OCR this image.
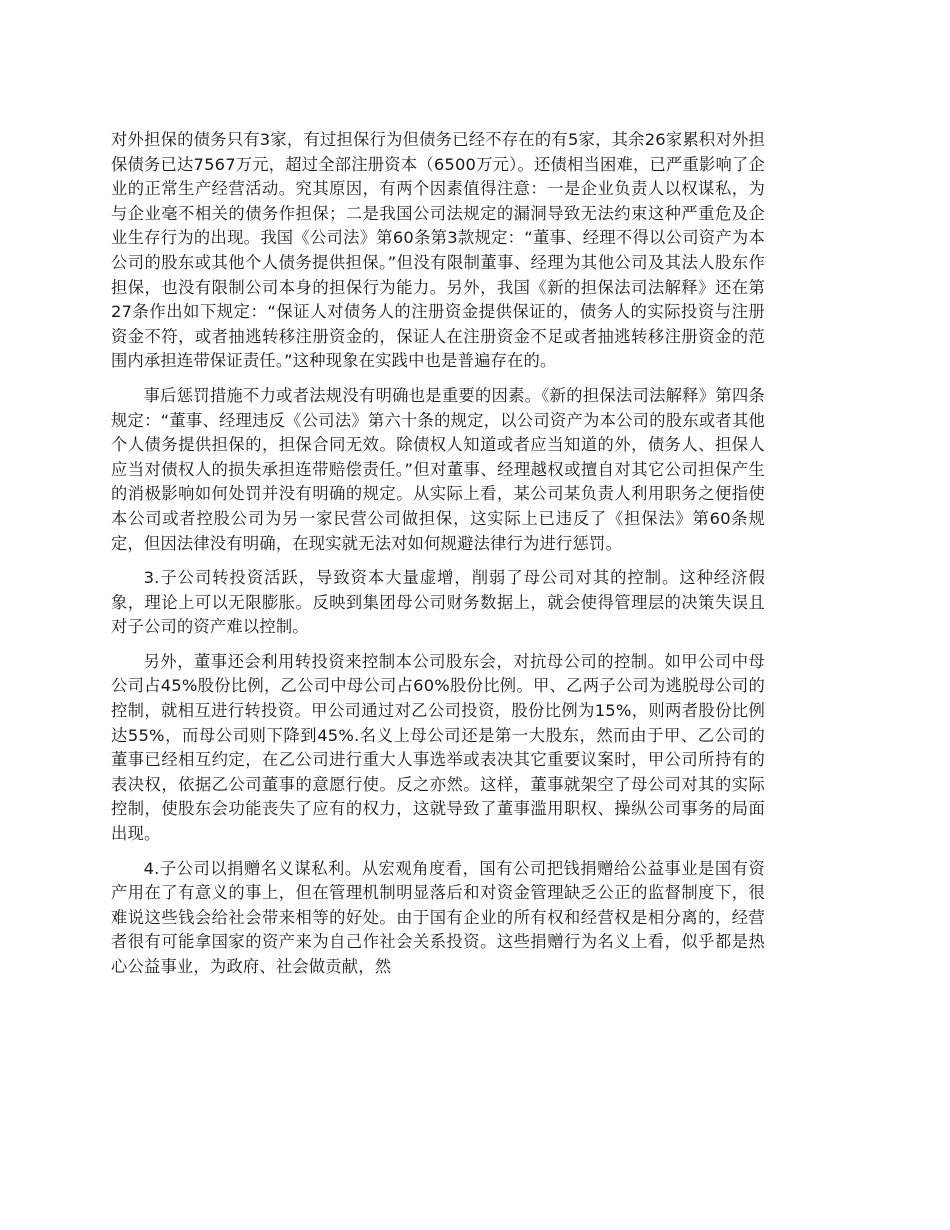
对外担保的债务只有3家，有过担保行为但债务已经不存在的有5家，其余26家累积对外担保债务已达7567万元，超过全部注册资本（6500万元）。还债相当困难，已严重影响了企业的正常生产经营活动。究其原因，有两个因素值得注意：一是企业负责人以权谋私，为与企业毫不相关的债务作担保；二是我国公司法规定的漏洞导致无法约束这种严重危及企业生存行为的出现。我国《公司法》第60条第3款规定：“董事、经理不得以公司资产为本公司的股东或其他个人债务提供担保。”但没有限制董事、经理为其他公司及其法人股东作担保，也没有限制公司本身的担保行为能力。另外，我国《新的担保法司法解释》还在第27条作出如下规定：“保证人对债务人的注册资金提供保证的，债务人的实际投资与注册资金不符，或者抽逃转移注册资金的，保证人在注册资金不足或者抽逃转移注册资金的范围内承担连带保证责任。”这种现象在实践中也是普遍存在的。

事后惩罚措施不力或者法规没有明确也是重要的因素。《新的担保法司法解释》第四条规定：“董事、经理违反《公司法》第六十条的规定，以公司资产为本公司的股东或者其他个人债务提供担保的，担保合同无效。除债权人知道或者应当知道的外，债务人、担保人应当对债权人的损失承担连带赔偿责任。”但对董事、经理越权或擅自对其它公司担保产生的消极影响如何处罚并没有明确的规定。从实际上看，某公司某负责人利用职务之便指使本公司或者控股公司为另一家民营公司做担保，这实际上已违反了《担保法》第60条规定，但因法律没有明确，在现实就无法对如何规避法律行为进行惩罚。

3.子公司转投资活跃，导致资本大量虚增，削弱了母公司对其的控制。这种经济假象，理论上可以无限膨胀。反映到集团母公司财务数据上，就会使得管理层的决策失误且对子公司的资产难以控制。

另外，董事还会利用转投资来控制本公司股东会，对抗母公司的控制。如甲公司中母公司占45%股份比例，乙公司中母公司占60%股份比例。甲、乙两子公司为逃脱母公司的控制，就相互进行转投资。甲公司通过对乙公司投资，股份比例为15%，则两者股份比例达55%，而母公司则下降到45%.名义上母公司还是第一大股东，然而由于甲、乙公司的董事已经相互约定，在乙公司进行重大人事选举或表决其它重要议案时，甲公司所持有的表决权，依据乙公司董事的意愿行使。反之亦然。这样，董事就架空了母公司对其的实际控制，使股东会功能丧失了应有的权力，这就导致了董事滥用职权、操纵公司事务的局面出现。

4.子公司以捐赠名义谋私利。从宏观角度看，国有公司把钱捐赠给公益事业是国有资产用在了有意义的事上，但在管理机制明显落后和对资金管理缺乏公正的监督制度下，很难说这些钱会给社会带来相等的好处。由于国有企业的所有权和经营权是相分离的，经营者很有可能拿国家的资产来为自己作社会关系投资。这些捐赠行为名义上看，似乎都是热心公益事业，为政府、社会做贡献，然
